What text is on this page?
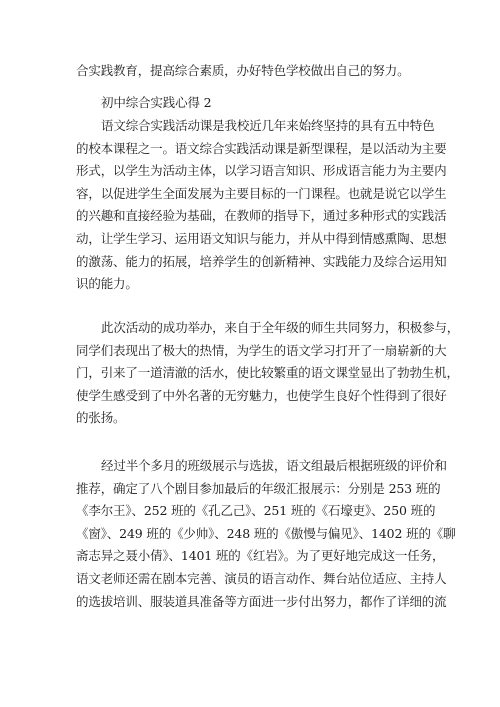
合实践教育，提高综合素质，办好特色学校做出自己的努力。
初中综合实践心得 2
语文综合实践活动课是我校近几年来始终坚持的具有五中特色
的校本课程之一。语文综合实践活动课是新型课程，是以活动为主要
形式，以学生为活动主体，以学习语言知识、形成语言能力为主要内
容，以促进学生全面发展为主要目标的一门课程。也就是说它以学生
的兴趣和直接经验为基础，在教师的指导下，通过多种形式的实践活
动，让学生学习、运用语文知识与能力，并从中得到情感熏陶、思想
的激荡、能力的拓展，培养学生的创新精神、实践能力及综合运用知
识的能力。
此次活动的成功举办，来自于全年级的师生共同努力，积极参与，
同学们表现出了极大的热情，为学生的语文学习打开了一扇崭新的大
门，引来了一道清澈的活水，使比较繁重的语文课堂显出了勃勃生机，
使学生感受到了中外名著的无穷魅力，也使学生良好个性得到了很好
的张扬。
经过半个多月的班级展示与选拔，语文组最后根据班级的评价和
推荐，确定了八个剧目参加最后的年级汇报展示：分别是 253 班的
《李尔王》、252 班的《孔乙己》、251 班的《石壕吏》、250 班的
《窗》、249 班的《少帅》、248 班的《傲慢与偏见》、1402 班的《聊
斋志异之聂小倩》、1401 班的《红岩》。为了更好地完成这一任务，
语文老师还需在剧本完善、演员的语言动作、舞台站位适应、主持人
的选拔培训、服装道具准备等方面进一步付出努力，都作了详细的流
